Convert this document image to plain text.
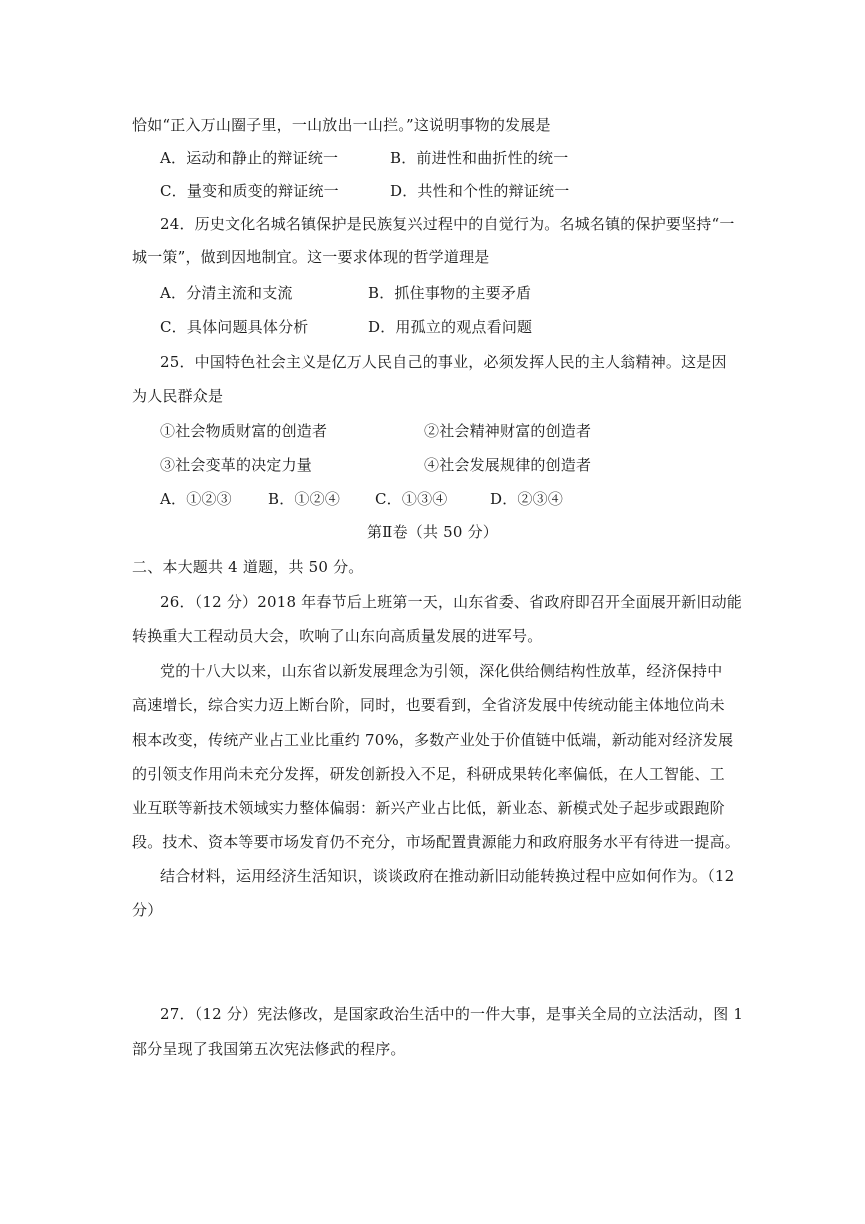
恰如“正入万山圈子里，一山放出一山拦。”这说明事物的发展是
A．运动和静止的辩证统一	B．前进性和曲折性的统一
C．量变和质变的辩证统一	D．共性和个性的辩证统一
24．历史文化名城名镇保护是民族复兴过程中的自觉行为。名城名镇的保护要坚持“一
城一策”，做到因地制宜。这一要求体现的哲学道理是
A．分清主流和支流	B．抓住事物的主要矛盾
C．具体问题具体分析	D．用孤立的观点看问题
25．中国特色社会主义是亿万人民自己的事业，必须发挥人民的主人翁精神。这是因
为人民群众是
①社会物质财富的创造者	②社会精神财富的创造者
③社会变革的决定力量	④社会发展规律的创造者
A．①②③ B．①②④ C．①③④	D．②③④
第Ⅱ卷（共 50 分）
二、本大题共 4 道题，共 50 分。
26．（12 分）2018 年春节后上班第一天，山东省委、省政府即召开全面展开新旧动能
转换重大工程动员大会，吹响了山东向高质量发展的进军号。
党的十八大以来，山东省以新发展理念为引领，深化供给侧结构性放革，经济保持中
高速增长，综合实力迈上断台阶，同时，也要看到，全省济发展中传统动能主体地位尚未
根本改变，传统产业占工业比重约 70%，多数产业处于价值链中低端，新动能对经济发展
的引领支作用尚未充分发挥，研发创新投入不足，科研成果转化率偏低，在人工智能、工
业互联等新技术领域实力整体偏弱：新兴产业占比低，新业态、新模式处子起步或跟跑阶
段。技术、资本等要市场发育仍不充分，市场配置貴源能力和政府服务水平有待进一提高。
结合材料，运用经济生活知识，谈谈政府在推动新旧动能转换过程中应如何作为。（12
分）
27．（12 分）宪法修改，是国家政治生活中的一件大事，是事关全局的立法活动，图 1
部分呈现了我国第五次宪法修武的程序。
